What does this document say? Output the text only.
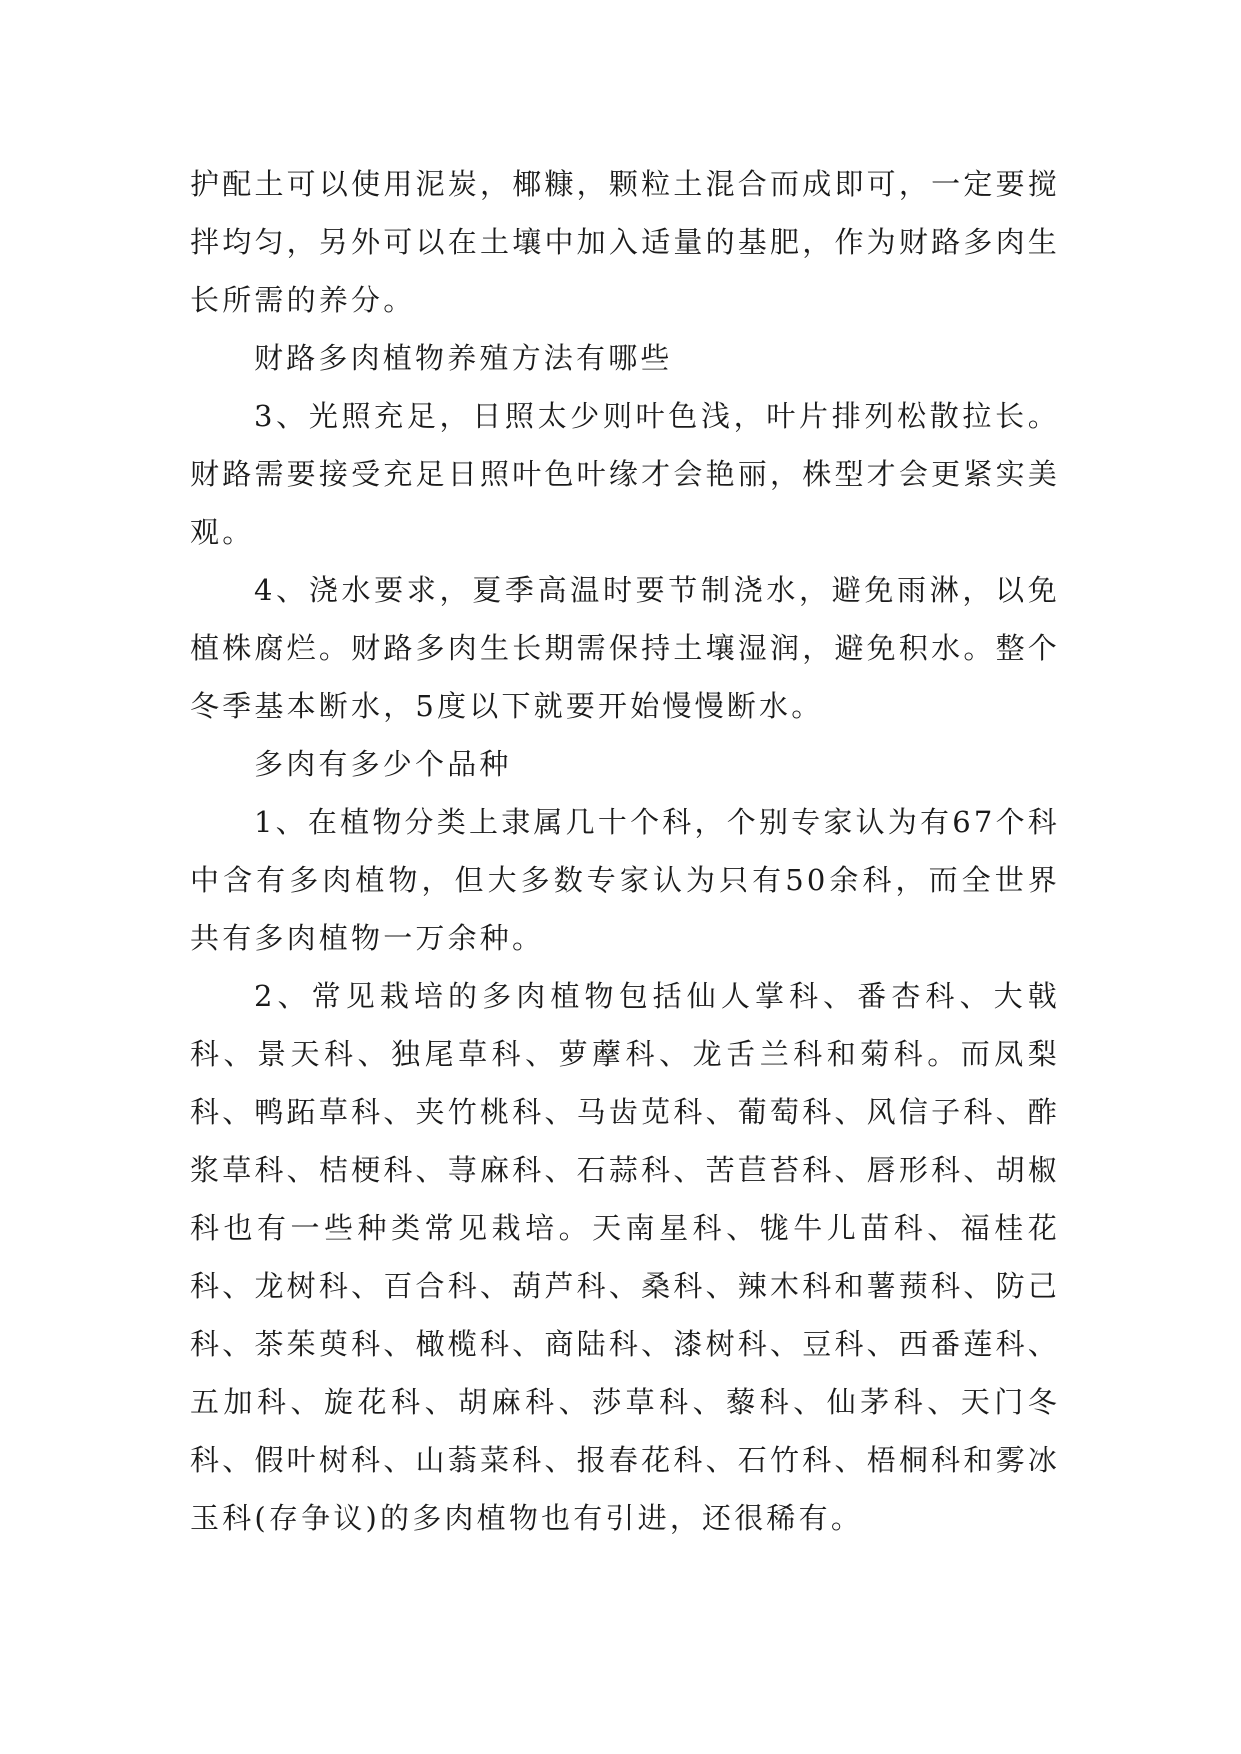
护配土可以使用泥炭，椰糠，颗粒土混合而成即可，一定要搅拌均匀，另外可以在土壤中加入适量的基肥，作为财路多肉生长所需的养分。

财路多肉植物养殖方法有哪些

3、光照充足，日照太少则叶色浅，叶片排列松散拉长。财路需要接受充足日照叶色叶缘才会艳丽，株型才会更紧实美观。

4、浇水要求，夏季高温时要节制浇水，避免雨淋，以免植株腐烂。财路多肉生长期需保持土壤湿润，避免积水。整个冬季基本断水，5度以下就要开始慢慢断水。

多肉有多少个品种

1、在植物分类上隶属几十个科，个别专家认为有67个科中含有多肉植物，但大多数专家认为只有50余科，而全世界共有多肉植物一万余种。

2、常见栽培的多肉植物包括仙人掌科、番杏科、大戟科、景天科、独尾草科、萝藦科、龙舌兰科和菊科。而凤梨科、鸭跖草科、夹竹桃科、马齿苋科、葡萄科、风信子科、酢浆草科、桔梗科、荨麻科、石蒜科、苦苣苔科、唇形科、胡椒科也有一些种类常见栽培。天南星科、牻牛儿苗科、福桂花科、龙树科、百合科、葫芦科、桑科、辣木科和薯蓣科、防己科、茶茱萸科、橄榄科、商陆科、漆树科、豆科、西番莲科、五加科、旋花科、胡麻科、莎草科、藜科、仙茅科、天门冬科、假叶树科、山蓊菜科、报春花科、石竹科、梧桐科和雾冰玉科(存争议)的多肉植物也有引进，还很稀有。
